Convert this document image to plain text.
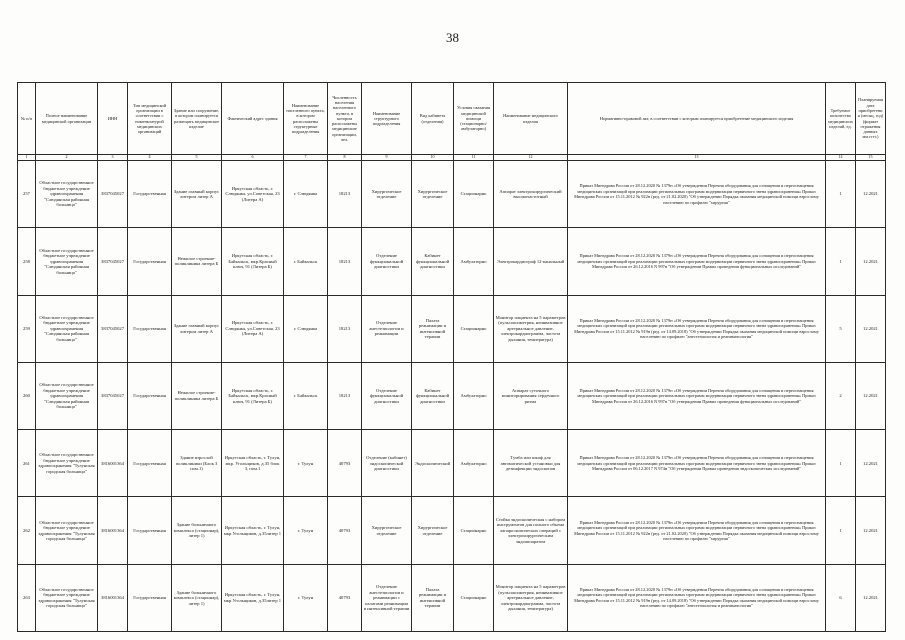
38
№ п/п	Полное наименование медицинской организации	ИНН	Тип медицинской организации в соответствии с номенклатурой медицинских организаций	Здание или сооружение, в котором планируется размещать медицинское изделие	Фактический адрес здания	Наименование населенного пункта, в котором расположены структурные подразделения	Численность населения населенного пункта, в котором расположены медицинские организации, чел.	Наименование структурного подразделения	Вид кабинета (отделения)	Условия оказания медицинской помощи (стационарно/амбулаторно)	Наименование медицинского изделия	Нормативно-правовой акт, в соответствии с которым планируется приобретение медицинского изделия	Требуемое количество медицинских изделий, ед.	Планируемая дата приобретения (месяц, год) (формат отражения данных мм.гггг.)
1	2	3	4	5	6	7	8	9	10	11	12	13	14	15
257	Областное государственное бюджетное учреждение здравоохранения "Слюдянская районная больница"	3837045027	Государственная	Здание главный корпус литером литер А	Иркутская область, г. Слюдянка, ул.Советская, 23 (Литера А)	г. Слюдянка	18213	Хирургическое отделение	Хирургическое отделение	Стационарно	Аппарат электрохирургический высокочастотный	Приказ Минздрава России от 28.12.2020 № 1379н «Об утверждении Перечня оборудования для оснащения и переоснащения медицинских организаций при реализации региональных программ модернизации первичного звена здравоохранения» Приказ Минздрава России от 15.11.2012 № 922н (ред. от 21.02.2020) "Об утверждении Порядка оказания медицинской помощи взрослому населению по профилю "хирургия"	1	12.2021
258	Областное государственное бюджетное учреждение здравоохранения "Слюдянская районная больница"	3837045027	Государственная	Нежилое строение-поликлиника литера Б	Иркутская область, г. Байкальск, мкр.Красный ключ, 91 (Литера Б)	г. Байкальск	18213	Отделение функциональной диагностики	Кабинет функциональной диагностики	Амбулаторно	Электрокардиограф 12-канальный	Приказ Минздрава России от 28.12.2020 № 1379н «Об утверждении Перечня оборудования для оснащения и переоснащения медицинских организаций при реализации региональных программ модернизации первичного звена здравоохранения» Приказ Минздрава России от 26.12.2016 N 997н "Об утверждении Правил проведения функциональных исследований"	1	12.2021
259	Областное государственное бюджетное учреждение здравоохранения "Слюдянская районная больница"	3837045027	Государственная	Здание главный корпус литером литер А	Иркутская область, г. Слюдянка, ул.Советская, 23 (Литера А)	г. Слюдянка	18213	Отделение анестезиологии и реанимации	Палата реанимации и интенсивной терапии	Стационарно	Монитор пациента на 5 параметров (пульсоксиметрия, неинвазивное артериальное давление, электрокардиограмма, частота дыхания, температура)	Приказ Минздрава России от 28.12.2020 № 1379н «Об утверждении Перечня оборудования для оснащения и переоснащения медицинских организаций при реализации региональных программ модернизации первичного звена здравоохранения» Приказ Минздрава России от 15.11.2012 № 919н (ред. от 14.09.2018) "Об утверждении Порядка оказания медицинской помощи взрослому населению по профилю "анестезиология и реаниматология"	5	12.2021
260	Областное государственное бюджетное учреждение здравоохранения "Слюдянская районная больница"	3837045027	Государственная	Нежилое строение-поликлиника литера Б	Иркутская область, г. Байкальск, мкр.Красный ключ, 91 (Литера Б)	г. Байкальск	18213	Отделение функциональной диагностики	Кабинет функциональной диагностики	Амбулаторно	Аппарат суточного мониторирования сердечного ритма	Приказ Минздрава России от 28.12.2020 № 1379н «Об утверждении Перечня оборудования для оснащения и переоснащения медицинских организаций при реализации региональных программ модернизации первичного звена здравоохранения» Приказ Минздрава России от 26.12.2016 N 997н "Об утверждении Правил проведения функциональных исследований"	2	12.2021
261	Областное государственное бюджетное учреждение здравоохранения "Тулунская городская больница"	3816001364	Государственная	Здание взрослой поликлиники (Блок 3 пом.1)	Иркутская область, г. Тулун, мкр. Угольщиков, д.35 блок 3, пом.1	г. Тулун	40793	Отделение (кабинет) эндоскопической диагностики	Эндоскопический	Амбулаторно	Тумба или шкаф для автоматической установки для дезинфекции эндоскопов	Приказ Минздрава России от 28.12.2020 № 1379н «Об утверждении Перечня оборудования для оснащения и переоснащения медицинских организаций при реализации региональных программ модернизации первичного звена здравоохранения» Приказ Минздрава России от 06.12.2017 N 974н "Об утверждении Правил проведения эндоскопических исследований"	1	12.2021
262	Областное государственное бюджетное учреждение здравоохранения "Тулунская городская больница"	3816001364	Государственная	Здание больничного комплекса (стационар), литер 1)	Иркутская область, г. Тулун, мкр.Угольщиков, д.35литер 1	г. Тулун	40793	Хирургическое отделение	Хирургическое отделение	Стационарно	Стойка эндоскопическая с набором инструментов для полного объема лапароскопических операций с электрохирургическим эндоаппаратом	Приказ Минздрава России от 28.12.2020 № 1379н «Об утверждении Перечня оборудования для оснащения и переоснащения медицинских организаций при реализации региональных программ модернизации первичного звена здравоохранения» Приказ Минздрава России от 15.11.2012 № 922н (ред. от 21.02.2020) "Об утверждении Порядка оказания медицинской помощи взрослому населению по профилю "хирургия"	1	12.2021
263	Областное государственное бюджетное учреждение здравоохранения "Тулунская городская больница"	3816001364	Государственная	Здание больничного комплекса (стационар), литер 1)	Иркутская область, г. Тулун, мкр.Угольщиков, д.35литер 1	г. Тулун	40793	Отделение анестезиологии и реанимации с палатами реанимации и интенсивной терапии	Палата реанимации и интенсивной терапии	Стационарно	Монитор пациента на 5 параметров (пульсоксиметрия, неинвазивное артериальное давление, электрокардиограмма, частота дыхания, температура)	Приказ Минздрава России от 28.12.2020 № 1379н «Об утверждении Перечня оборудования для оснащения и переоснащения медицинских организаций при реализации региональных программ модернизации первичного звена здравоохранения» Приказ Минздрава России от 15.11.2012 № 919н (ред. от 14.09.2018) "Об утверждении Порядка оказания медицинской помощи взрослому населению по профилю "анестезиология и реаниматология"	6	12.2021
